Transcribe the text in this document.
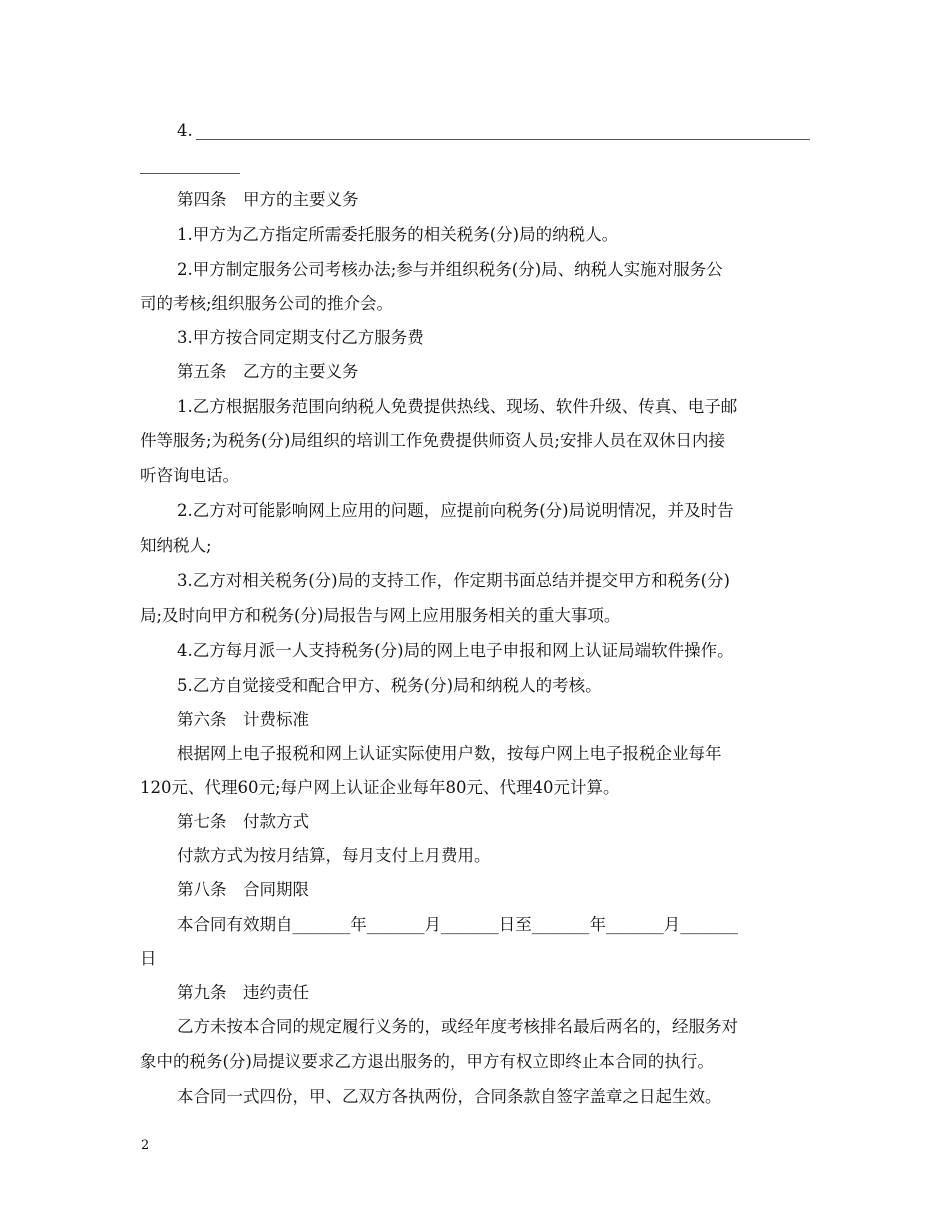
4.
第四条　甲方的主要义务
1.甲方为乙方指定所需委托服务的相关税务(分)局的纳税人。
2.甲方制定服务公司考核办法;参与并组织税务(分)局、纳税人实施对服务公
司的考核;组织服务公司的推介会。
3.甲方按合同定期支付乙方服务费
第五条　乙方的主要义务
1.乙方根据服务范围向纳税人免费提供热线、现场、软件升级、传真、电子邮
件等服务;为税务(分)局组织的培训工作免费提供师资人员;安排人员在双休日内接
听咨询电话。
2.乙方对可能影响网上应用的问题，应提前向税务(分)局说明情况，并及时告
知纳税人;
3.乙方对相关税务(分)局的支持工作，作定期书面总结并提交甲方和税务(分)
局;及时向甲方和税务(分)局报告与网上应用服务相关的重大事项。
4.乙方每月派一人支持税务(分)局的网上电子申报和网上认证局端软件操作。
5.乙方自觉接受和配合甲方、税务(分)局和纳税人的考核。
第六条　计费标准
根据网上电子报税和网上认证实际使用户数，按每户网上电子报税企业每年
120元、代理60元;每户网上认证企业每年80元、代理40元计算。
第七条　付款方式
付款方式为按月结算，每月支付上月费用。
第八条　合同期限
本合同有效期自_______年_______月_______日至_______年_______月_______
日
第九条　违约责任
乙方未按本合同的规定履行义务的，或经年度考核排名最后两名的，经服务对
象中的税务(分)局提议要求乙方退出服务的，甲方有权立即终止本合同的执行。
本合同一式四份，甲、乙双方各执两份，合同条款自签字盖章之日起生效。
2
